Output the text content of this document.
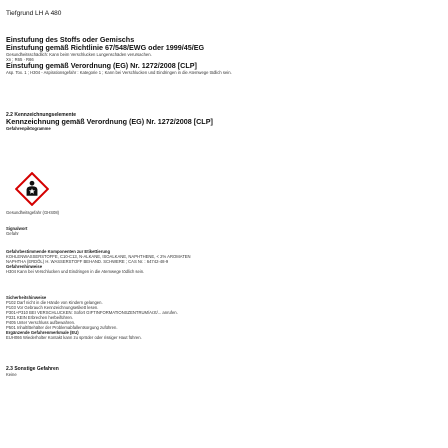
Tiefgrund LH A 480
Einstufung des Stoffs oder Gemischs
Einstufung gemäß Richtlinie 67/548/EWG oder 1999/45/EG
Gesundheitsschädlich: Kann beim Verschlucken Lungenschäden verursachen.
Xn ; R65 · R66
Einstufung gemäß Verordnung (EG) Nr. 1272/2008 [CLP]
Asp. Tox. 1 ; H304 - Aspirationsgefahr : Kategorie 1 ; Kann bei Verschlucken und Eindringen in die Atemwege tödlich sein.
2.2 Kennzeichnungselemente
Kennzeichnung gemäß Verordnung (EG) Nr. 1272/2008 [CLP]
Gefahrenpiktogramme
Gesundheitsgefahr (GHS08)
Signalwort
Gefahr
Gefahrbestimmende Komponenten zur Etikettierung
KOHLENWASSERSTOFFE, C10-C13, N-ALKANE, ISOALKANE, NAPHTHENE, < 2% AROMATEN
NAPHTHA (ERDÖL) H. WASSERSTOFF BEHAND. SCHWERE ; CAS Nr. : 64742-48-9
Gefahrenhinweise
H304 Kann bei Verschlucken und Eindringen in die Atemwege tödlich sein.
Sicherheitshinweise
P102 Darf nicht in die Hände von Kindern gelangen.
P103 Vor Gebrauch Kennzeichnungsetikett lesen.
P301+P310 BEI VERSCHLUCKEN: Sofort GIFTINFORMATIONSZENTRUM/Arzt/... anrufen.
P331 KEIN Erbrechen herbeiführen.
P405 Unter Verschluss aufbewahren.
P501 Inhalt/Behälter der Problemabfallentsorgung zuführen.
Ergänzende Gefahrenmerkmale (EU)
EUH066 Wiederholter Kontakt kann zu spröder oder rissiger Haut führen.
2.3 Sonstige Gefahren
Keine
